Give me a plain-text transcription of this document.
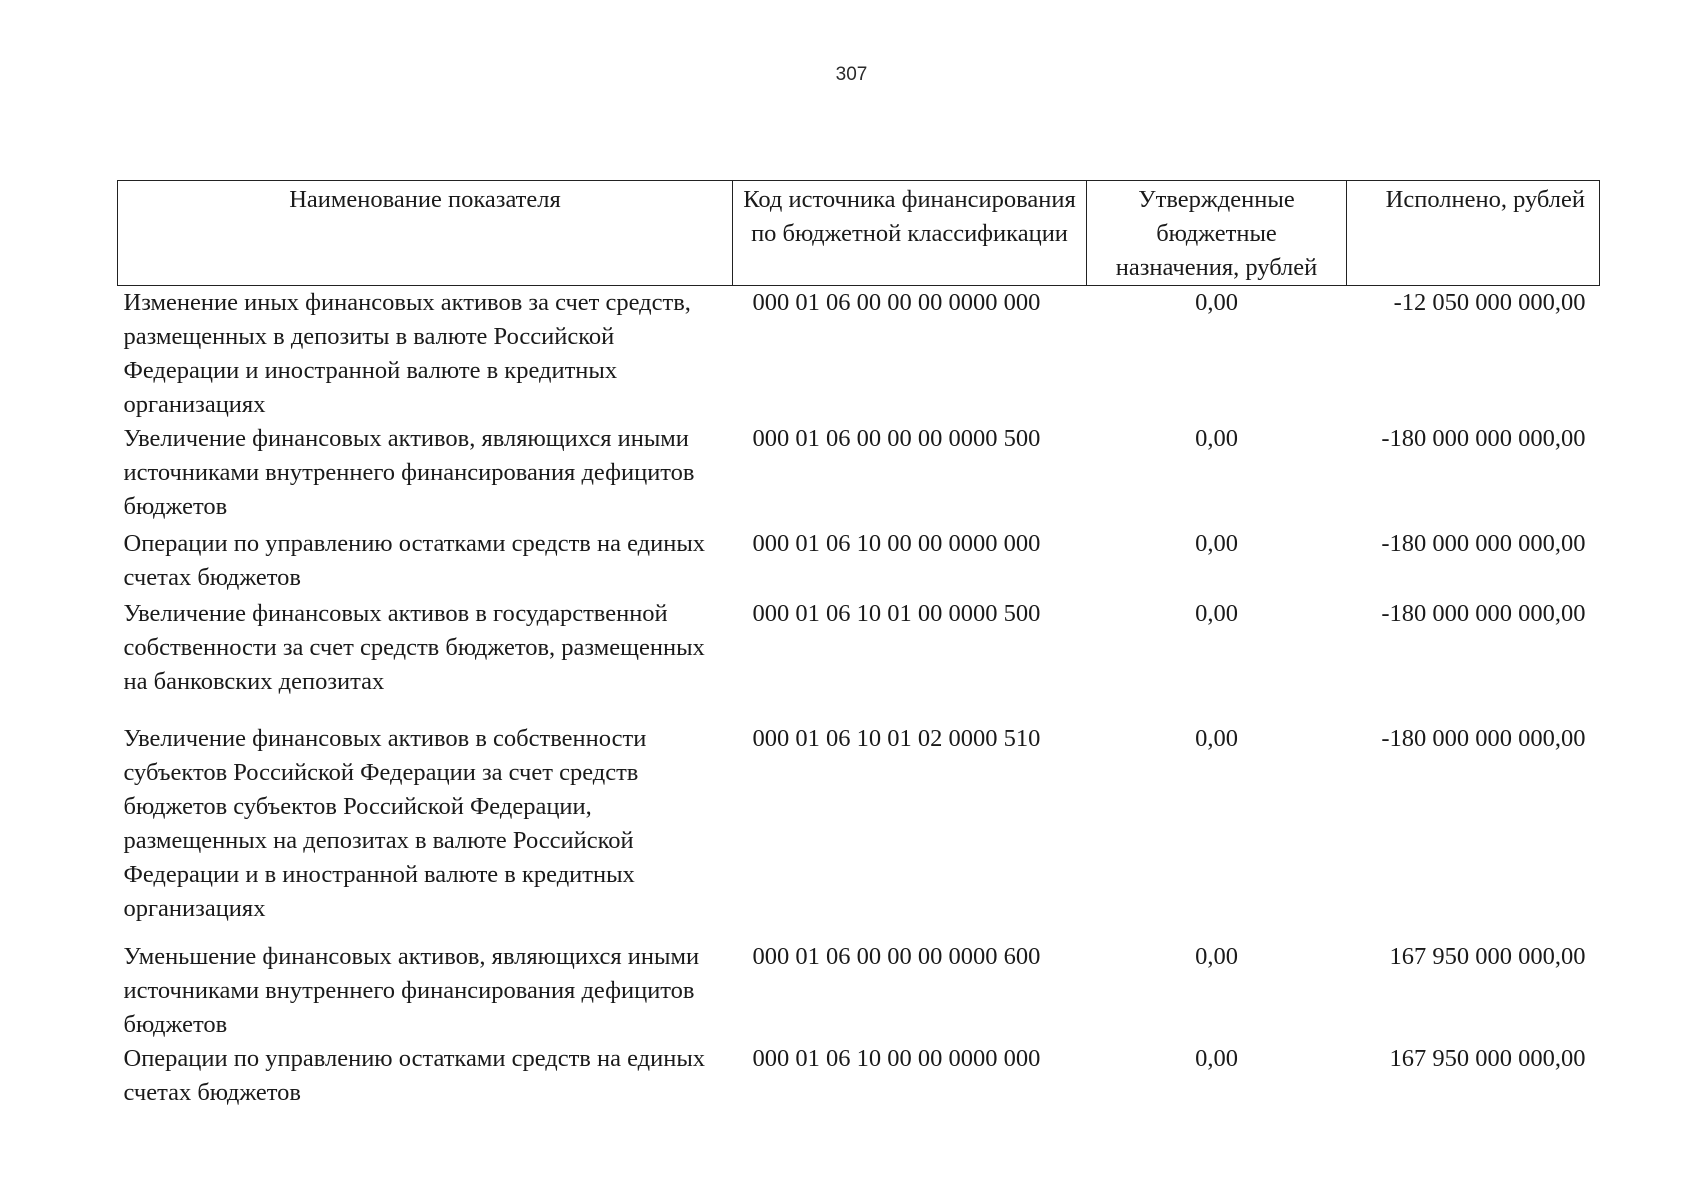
307
Наименование показателя	Код источника финансирования по бюджетной классификации	Утвержденные бюджетные назначения, рублей	Исполнено, рублей
Изменение иных финансовых активов за счет средств, размещенных в депозиты в валюте Российской Федерации и иностранной валюте в кредитных организациях	000 01 06 00 00 00 0000 000	0,00	-12 050 000 000,00
Увеличение финансовых активов, являющихся иными источниками внутреннего финансирования дефицитов бюджетов	000 01 06 00 00 00 0000 500	0,00	-180 000 000 000,00
Операции по управлению остатками средств на единых счетах бюджетов	000 01 06 10 00 00 0000 000	0,00	-180 000 000 000,00
Увеличение финансовых активов в государственной собственности за счет средств бюджетов, размещенных на банковских депозитах	000 01 06 10 01 00 0000 500	0,00	-180 000 000 000,00
Увеличение финансовых активов в собственности субъектов Российской Федерации за счет средств бюджетов субъектов Российской Федерации, размещенных на депозитах в валюте Российской Федерации и в иностранной валюте в кредитных организациях	000 01 06 10 01 02 0000 510	0,00	-180 000 000 000,00
Уменьшение финансовых активов, являющихся иными источниками внутреннего финансирования дефицитов бюджетов	000 01 06 00 00 00 0000 600	0,00	167 950 000 000,00
Операции по управлению остатками средств на единых счетах бюджетов	000 01 06 10 00 00 0000 000	0,00	167 950 000 000,00
